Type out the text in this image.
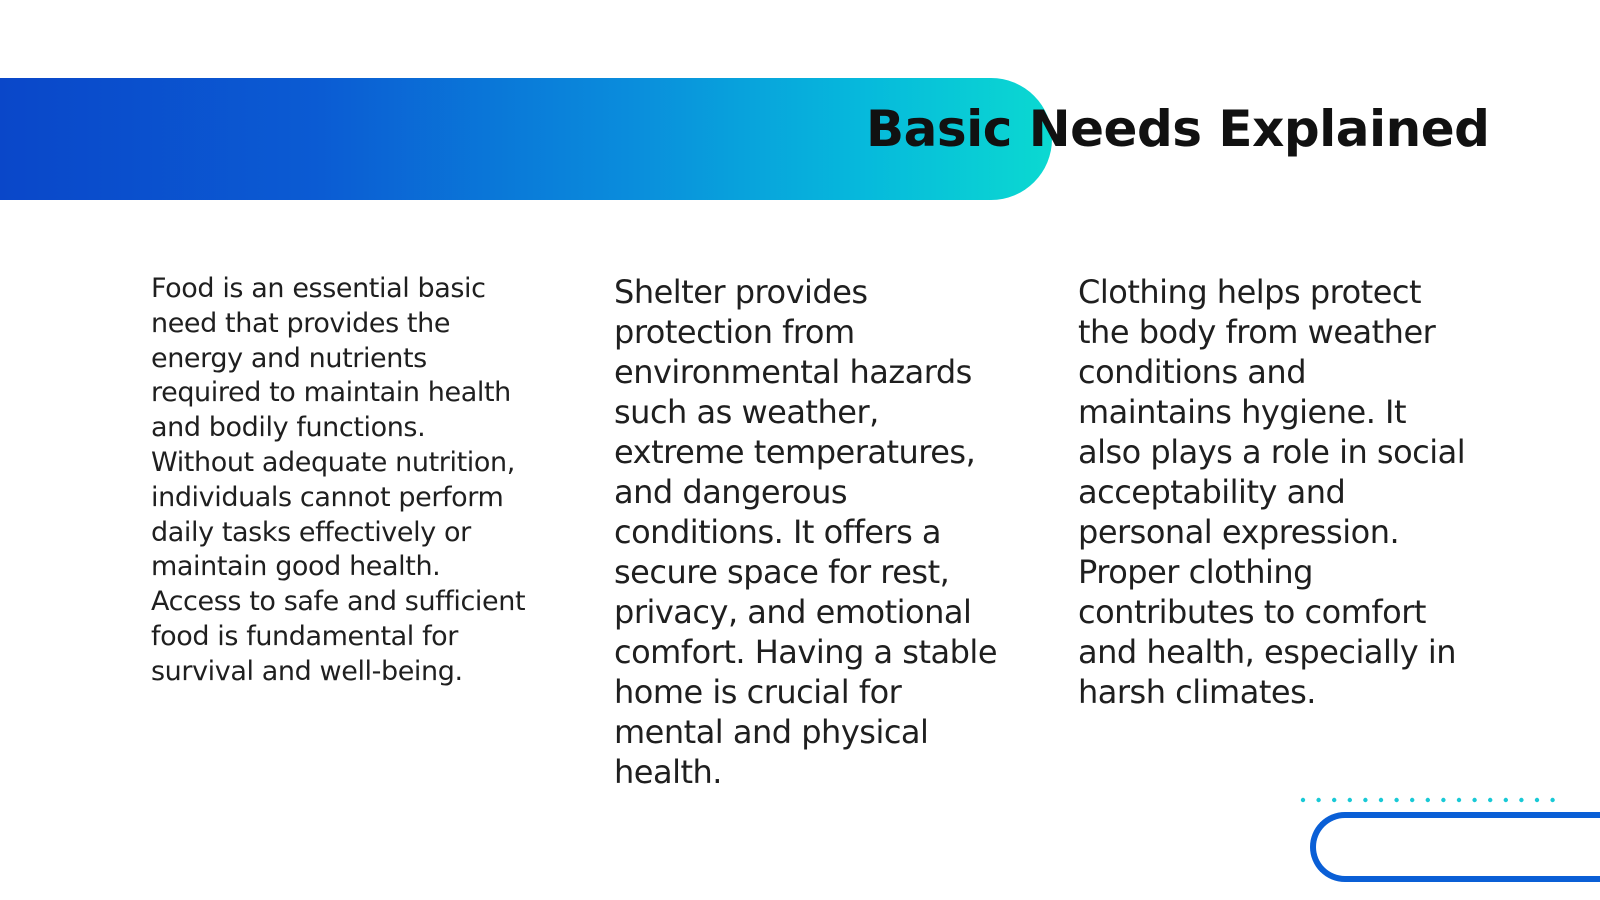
Basic Needs Explained

Food is an essential basic need that provides the energy and nutrients required to maintain health and bodily functions. Without adequate nutrition, individuals cannot perform daily tasks effectively or maintain good health. Access to safe and sufficient food is fundamental for survival and well-being.

Shelter provides protection from environmental hazards such as weather, extreme temperatures, and dangerous conditions. It offers a secure space for rest, privacy, and emotional comfort. Having a stable home is crucial for mental and physical health.

Clothing helps protect the body from weather conditions and maintains hygiene. It also plays a role in social acceptability and personal expression. Proper clothing contributes to comfort and health, especially in harsh climates.
